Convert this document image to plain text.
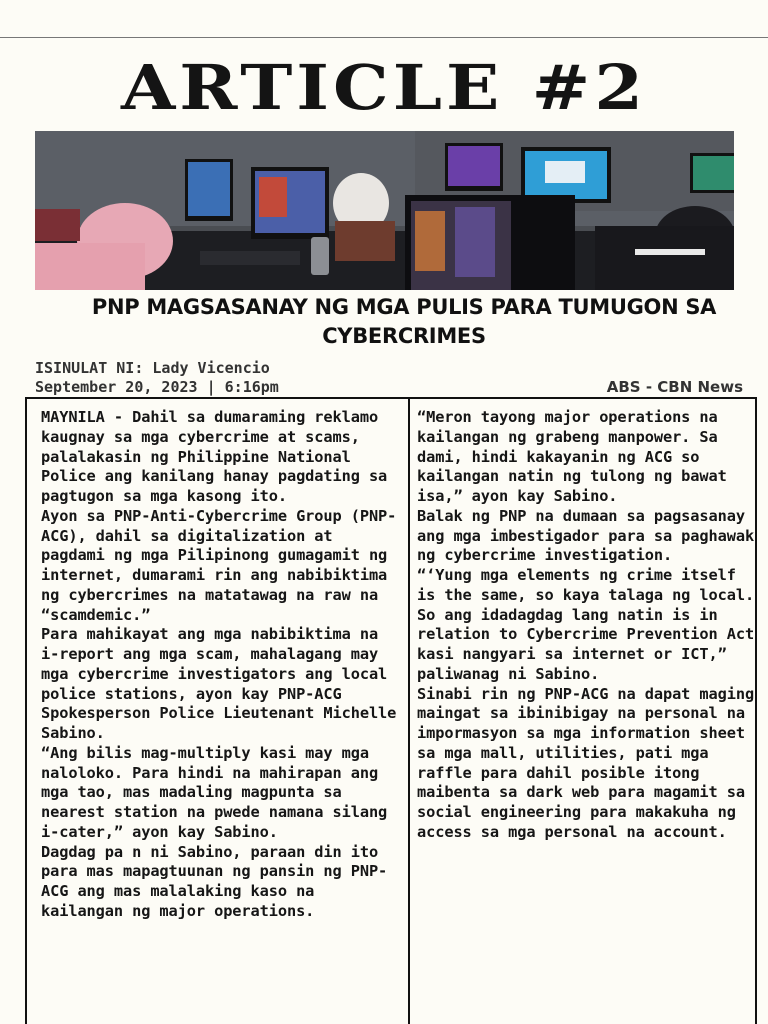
ARTICLE #2
PNP MAGSASANAY NG MGA PULIS PARA TUMUGON SA CYBERCRIMES
ISINULAT NI: Lady Vicencio
September 20, 2023 | 6:16pm	ABS - CBN News

MAYNILA - Dahil sa dumaraming reklamo kaugnay sa mga cybercrime at scams, palalakasin ng Philippine National Police ang kanilang hanay pagdating sa pagtugon sa mga kasong ito.

Ayon sa PNP-Anti-Cybercrime Group (PNP-ACG), dahil sa digitalization at pagdami ng mga Pilipinong gumagamit ng internet, dumarami rin ang nabibiktima ng cybercrimes na matatawag na raw na “scamdemic.”

Para mahikayat ang mga nabibiktima na i-report ang mga scam, mahalagang may mga cybercrime investigators ang local police stations, ayon kay PNP-ACG Spokesperson Police Lieutenant Michelle Sabino.

“Ang bilis mag-multiply kasi may mga naloloko. Para hindi na mahirapan ang mga tao, mas madaling magpunta sa nearest station na pwede namana silang i-cater,” ayon kay Sabino.

Dagdag pa n ni Sabino, paraan din ito para mas mapagtuunan ng pansin ng PNP-ACG ang mas malalaking kaso na kailangan ng major operations.

“Meron tayong major operations na kailangan ng grabeng manpower. Sa dami, hindi kakayanin ng ACG so kailangan natin ng tulong ng bawat isa,” ayon kay Sabino.

Balak ng PNP na dumaan sa pagsasanay ang mga imbestigador para sa paghawak ng cybercrime investigation.

“‘Yung mga elements ng crime itself is the same, so kaya talaga ng local. So ang idadagdag lang natin is in relation to Cybercrime Prevention Act kasi nangyari sa internet or ICT,” paliwanag ni Sabino.

Sinabi rin ng PNP-ACG na dapat maging maingat sa ibinibigay na personal na impormasyon sa mga information sheet sa mga mall, utilities, pati mga raffle para dahil posible itong maibenta sa dark web para magamit sa social engineering para makakuha ng access sa mga personal na account.
